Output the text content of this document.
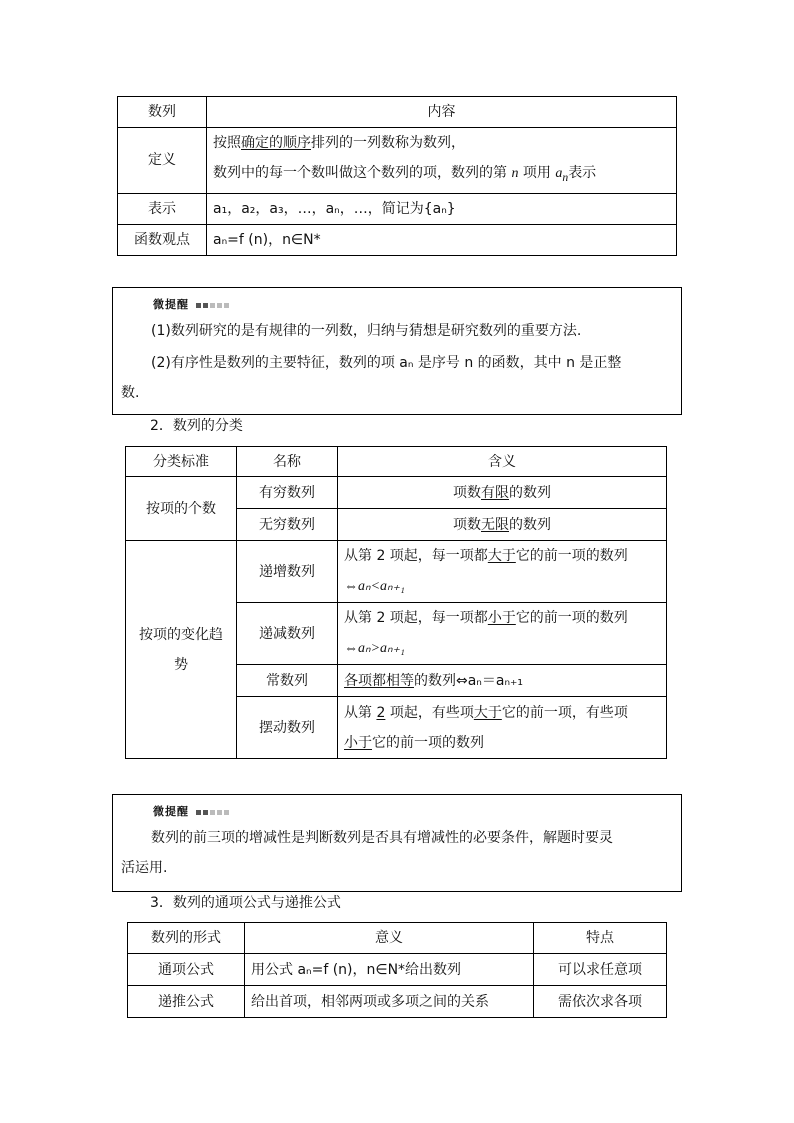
数列	内容
定义	按照确定的顺序排列的一列数称为数列，
数列中的每一个数叫做这个数列的项，数列的第 n 项用 $a_n$表示
表示	a₁，a₂，a₃，…，aₙ，…，简记为{aₙ}
函数观点	aₙ=f (n)，n∈N*
微提醒

(1)数列研究的是有规律的一列数，归纳与猜想是研究数列的重要方法.

(2)有序性是数列的主要特征，数列的项 aₙ 是序号 n 的函数，其中 n 是正整

数.

2．数列的分类
分类标准	名称	含义
按项的个数	有穷数列	项数有限的数列
	无穷数列	项数无限的数列
按项的变化趋
势	递增数列	从第 2 项起，每一项都大于它的前一项的数列
⇔aₙ<aₙ₊₁
	递减数列	从第 2 项起，每一项都小于它的前一项的数列
⇔aₙ>aₙ₊₁
	常数列	各项都相等的数列⇔aₙ＝aₙ₊₁
	摆动数列	从第 2 项起，有些项大于它的前一项，有些项
小于它的前一项的数列
微提醒

数列的前三项的增减性是判断数列是否具有增减性的必要条件，解题时要灵

活运用.

3．数列的通项公式与递推公式
数列的形式	意义	特点
通项公式	用公式 aₙ=f (n)，n∈N*给出数列	可以求任意项
递推公式	给出首项，相邻两项或多项之间的关系	需依次求各项
